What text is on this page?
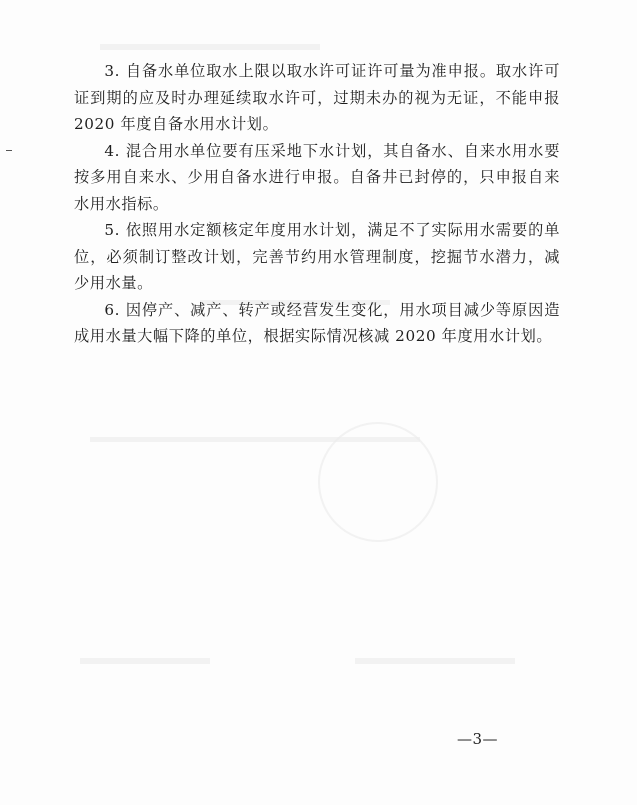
3. 自备水单位取水上限以取水许可证许可量为准申报。取水许可证到期的应及时办理延续取水许可，过期未办的视为无证，不能申报 2020 年度自备水用水计划。

4. 混合用水单位要有压采地下水计划，其自备水、自来水用水要按多用自来水、少用自备水进行申报。自备井已封停的，只申报自来水用水指标。

5. 依照用水定额核定年度用水计划，满足不了实际用水需要的单位，必须制订整改计划，完善节约用水管理制度，挖掘节水潜力，减少用水量。

6. 因停产、减产、转产或经营发生变化，用水项目减少等原因造成用水量大幅下降的单位，根据实际情况核减 2020 年度用水计划。

—3—
